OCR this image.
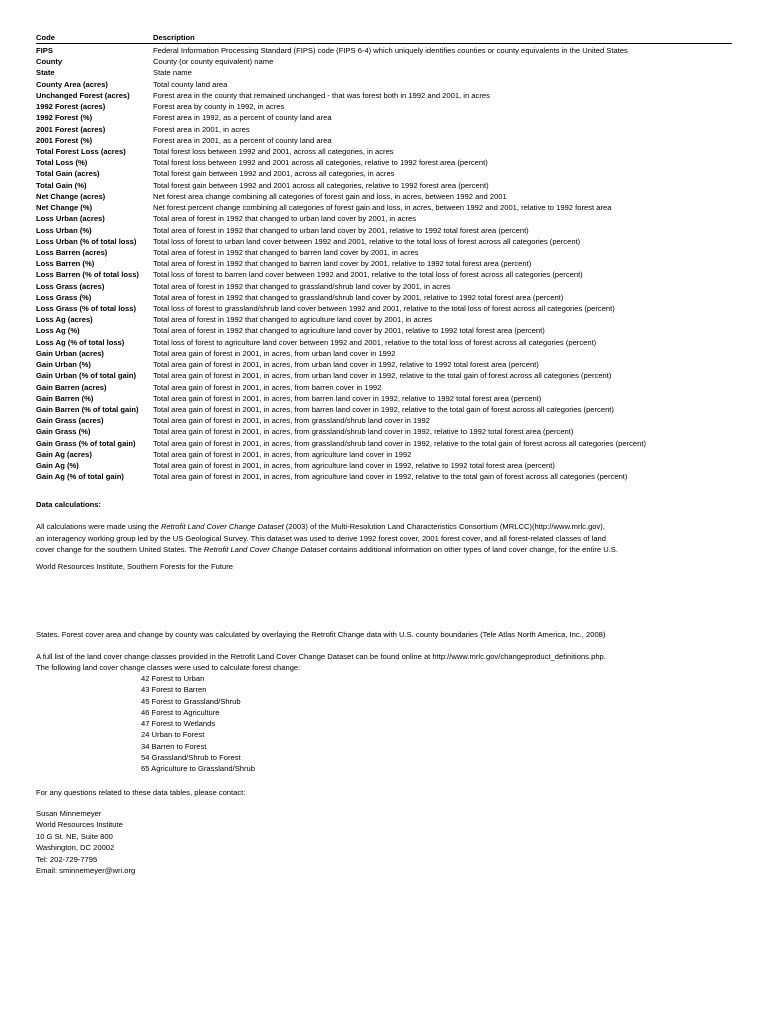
Code	Description
FIPS	Federal Information Processing Standard (FIPS) code (FIPS 6-4) which uniquely identifies counties or county equivalents in the United States
County	County (or county equivalent) name
State	State name
County Area (acres)	Total county land area
Unchanged Forest (acres)	Forest area in the county that remained unchanged - that was forest both in 1992 and 2001, in acres
1992 Forest (acres)	Forest area by county in 1992, in acres
1992 Forest (%)	Forest area in 1992, as a percent of county land area
2001 Forest (acres)	Forest area in 2001, in acres
2001 Forest (%)	Forest area in 2001, as a percent of county land area
Total Forest Loss (acres)	Total forest loss between 1992 and 2001, across all categories, in acres
Total Loss (%)	Total forest loss between 1992 and 2001 across all categories, relative to 1992 forest area (percent)
Total Gain (acres)	Total forest gain between 1992 and 2001, across all categories, in acres
Total Gain (%)	Total forest gain between 1992 and 2001 across all categories, relative to 1992 forest area (percent)
Net Change (acres)	Net forest area change combining all categories of forest gain and loss, in acres, between 1992 and 2001
Net Change (%)	Net forest percent change combining all categories of forest gain and loss, in acres, between 1992 and 2001, relative to 1992 forest area
Loss Urban (acres)	Total area of forest in 1992 that changed to urban land cover by 2001, in acres
Loss Urban (%)	Total area of forest in 1992 that changed to urban land cover by 2001, relative to 1992 total forest area (percent)
Loss Urban (% of total loss)	Total loss of forest to urban land cover between 1992 and 2001, relative to the total loss of forest across all categories (percent)
Loss Barren (acres)	Total area of forest in 1992 that changed to barren land cover by 2001, in acres
Loss Barren (%)	Total area of forest in 1992 that changed to barren land cover by 2001, relative to 1992 total forest area (percent)
Loss Barren (% of total loss)	Total loss of forest to barren land cover between 1992 and 2001, relative to the total loss of forest across all categories (percent)
Loss Grass (acres)	Total area of forest in 1992 that changed to grassland/shrub land cover by 2001, in acres
Loss Grass (%)	Total area of forest in 1992 that changed to grassland/shrub land cover by 2001, relative to 1992 total forest area (percent)
Loss Grass (% of total loss)	Total loss of forest to grassland/shrub land cover between 1992 and 2001, relative to the total loss of forest across all categories (percent)
Loss Ag (acres)	Total area of forest in 1992 that changed to agriculture land cover by 2001, in acres
Loss Ag (%)	Total area of forest in 1992 that changed to agriculture land cover by 2001, relative to 1992 total forest area (percent)
Loss Ag (% of total loss)	Total loss of forest to agriculture land cover between 1992 and 2001, relative to the total loss of forest across all categories (percent)
Gain Urban (acres)	Total area gain of forest in 2001, in acres, from urban land cover in 1992
Gain Urban (%)	Total area gain of forest in 2001, in acres, from urban land cover in 1992, relative to 1992 total forest area (percent)
Gain Urban (% of total gain)	Total area gain of forest in 2001, in acres, from urban land cover in 1992, relative to the total gain of forest across all categories (percent)
Gain Barren (acres)	Total area gain of forest in 2001, in acres, from barren cover in 1992
Gain Barren (%)	Total area gain of forest in 2001, in acres, from barren land cover in 1992, relative to 1992 total forest area (percent)
Gain Barren (% of total gain)	Total area gain of forest in 2001, in acres, from barren land cover in 1992, relative to the total gain of forest across all categories (percent)
Gain Grass (acres)	Total area gain of forest in 2001, in acres, from grassland/shrub land cover in 1992
Gain Grass (%)	Total area gain of forest in 2001, in acres, from grassland/shrub land cover in 1992, relative to 1992 total forest area (percent)
Gain Grass (% of total gain)	Total area gain of forest in 2001, in acres, from grassland/shrub land cover in 1992, relative to the total gain of forest across all categories (percent)
Gain Ag (acres)	Total area gain of forest in 2001, in acres, from agriculture land cover in 1992
Gain Ag (%)	Total area gain of forest in 2001, in acres, from agriculture land cover in 1992, relative to 1992 total forest area (percent)
Gain Ag (% of total gain)	Total area gain of forest in 2001, in acres, from agriculture land cover in 1992, relative to the total gain of forest across all categories (percent)
Data calculations:
All calculations were made using the Retrofit Land Cover Change Dataset (2003) of the Multi-Resolution Land Characteristics Consortium (MRLCC)(http://www.mrlc.gov),
an interagency working group led by the US Geological Survey. This dataset was used to derive 1992 forest cover, 2001 forest cover, and all forest-related classes of land
cover change for the southern United States. The Retrofit Land Cover Change Dataset contains additional information on other types of land cover change, for the entire U.S.
World Resources Institute, Southern Forests for the Future
States. Forest cover area and change by county was calculated by overlaying the Retrofit Change data with U.S. county boundaries (Tele Atlas North America, Inc., 2008)
A full list of the land cover change classes provided in the Retrofit Land Cover Change Dataset can be found online at http://www.mrlc.gov/changeproduct_definitions.php.
The following land cover change classes were used to calculate forest change:
42 Forest to Urban
43 Forest to Barren
45 Forest to Grassland/Shrub
46 Forest to Agriculture
47 Forest to Wetlands
24 Urban to Forest
34 Barren to Forest
54 Grassland/Shrub to Forest
65 Agriculture to Grassland/Shrub
For any questions related to these data tables, please contact:
Susan Minnemeyer
World Resources Institute
10 G St. NE, Suite 800
Washington, DC 20002
Tel: 202-729-7795
Email: sminnemeyer@wri.org
